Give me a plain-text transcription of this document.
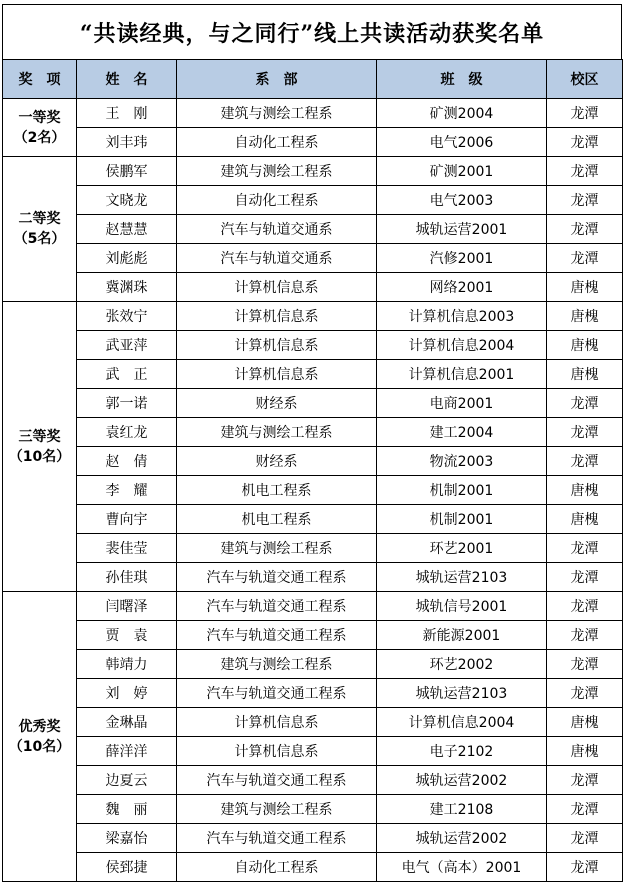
“共读经典，与之同行”线上共读活动获奖名单
奖　项	姓　名	系　部	班　级	校区

一等奖
（2名）	王　刚	建筑与测绘工程系	矿测2004	龙潭
	刘丰玮	自动化工程系	电气2006	龙潭

二等奖
（5名）	侯鹏军	建筑与测绘工程系	矿测2001	龙潭
	文晓龙	自动化工程系	电气2003	龙潭
	赵慧慧	汽车与轨道交通系	城轨运营2001	龙潭
	刘彪彪	汽车与轨道交通系	汽修2001	龙潭
	冀渊珠	计算机信息系	网络2001	唐槐

三等奖
（10名）	张效宁	计算机信息系	计算机信息2003	唐槐
	武亚萍	计算机信息系	计算机信息2004	唐槐
	武　正	计算机信息系	计算机信息2001	唐槐
	郭一诺	财经系	电商2001	龙潭
	袁红龙	建筑与测绘工程系	建工2004	龙潭
	赵　倩	财经系	物流2003	龙潭
	李　耀	机电工程系	机制2001	唐槐
	曹向宇	机电工程系	机制2001	唐槐
	裴佳莹	建筑与测绘工程系	环艺2001	龙潭
	孙佳琪	汽车与轨道交通工程系	城轨运营2103	龙潭

优秀奖
（10名）	闫曙泽	汽车与轨道交通工程系	城轨信号2001	龙潭
	贾　袁	汽车与轨道交通工程系	新能源2001	龙潭
	韩靖力	建筑与测绘工程系	环艺2002	龙潭
	刘　婷	汽车与轨道交通工程系	城轨运营2103	龙潭
	金琳晶	计算机信息系	计算机信息2004	唐槐
	薛洋洋	计算机信息系	电子2102	唐槐
	边夏云	汽车与轨道交通工程系	城轨运营2002	龙潭
	魏　丽	建筑与测绘工程系	建工2108	龙潭
	梁嘉怡	汽车与轨道交通工程系	城轨运营2002	龙潭
	侯郅捷	自动化工程系	电气（高本）2001	龙潭
